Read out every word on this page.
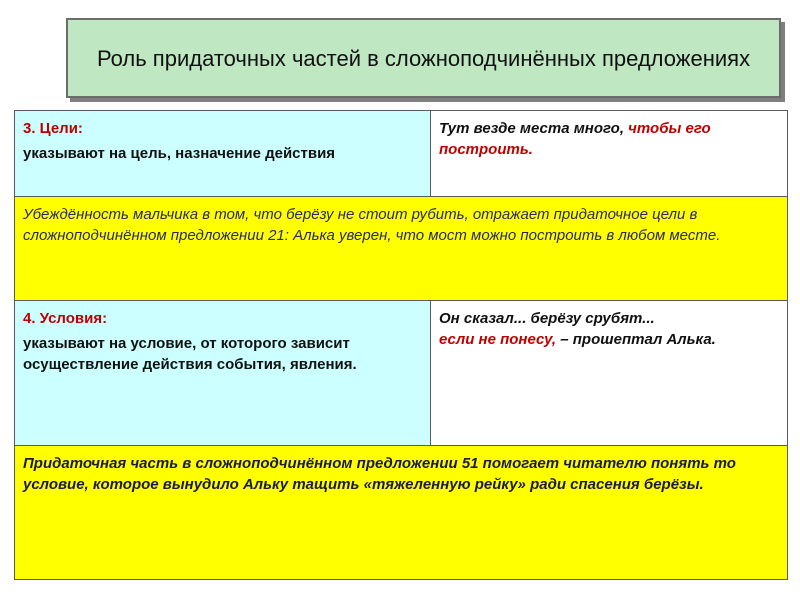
Роль придаточных частей в сложноподчинённых предложениях
3. Цели:
указывают на цель, назначение действия	Тут везде места много, чтобы его построить.
Убеждённость мальчика в том, что берёзу не стоит рубить, отражает придаточное цели в сложноподчинённом предложении 21: Алька уверен, что мост можно построить в любом месте.	

4. Условия:
указывают на условие, от которого зависит осуществление действия события, явления.	Он сказал... берёзу срубят...
если не понесу, – прошептал Алька.
Придаточная часть в сложноподчинённом предложении 51 помогает читателю понять то условие, которое вынудило Альку тащить «тяжеленную рейку» ради спасения берёзы.	
